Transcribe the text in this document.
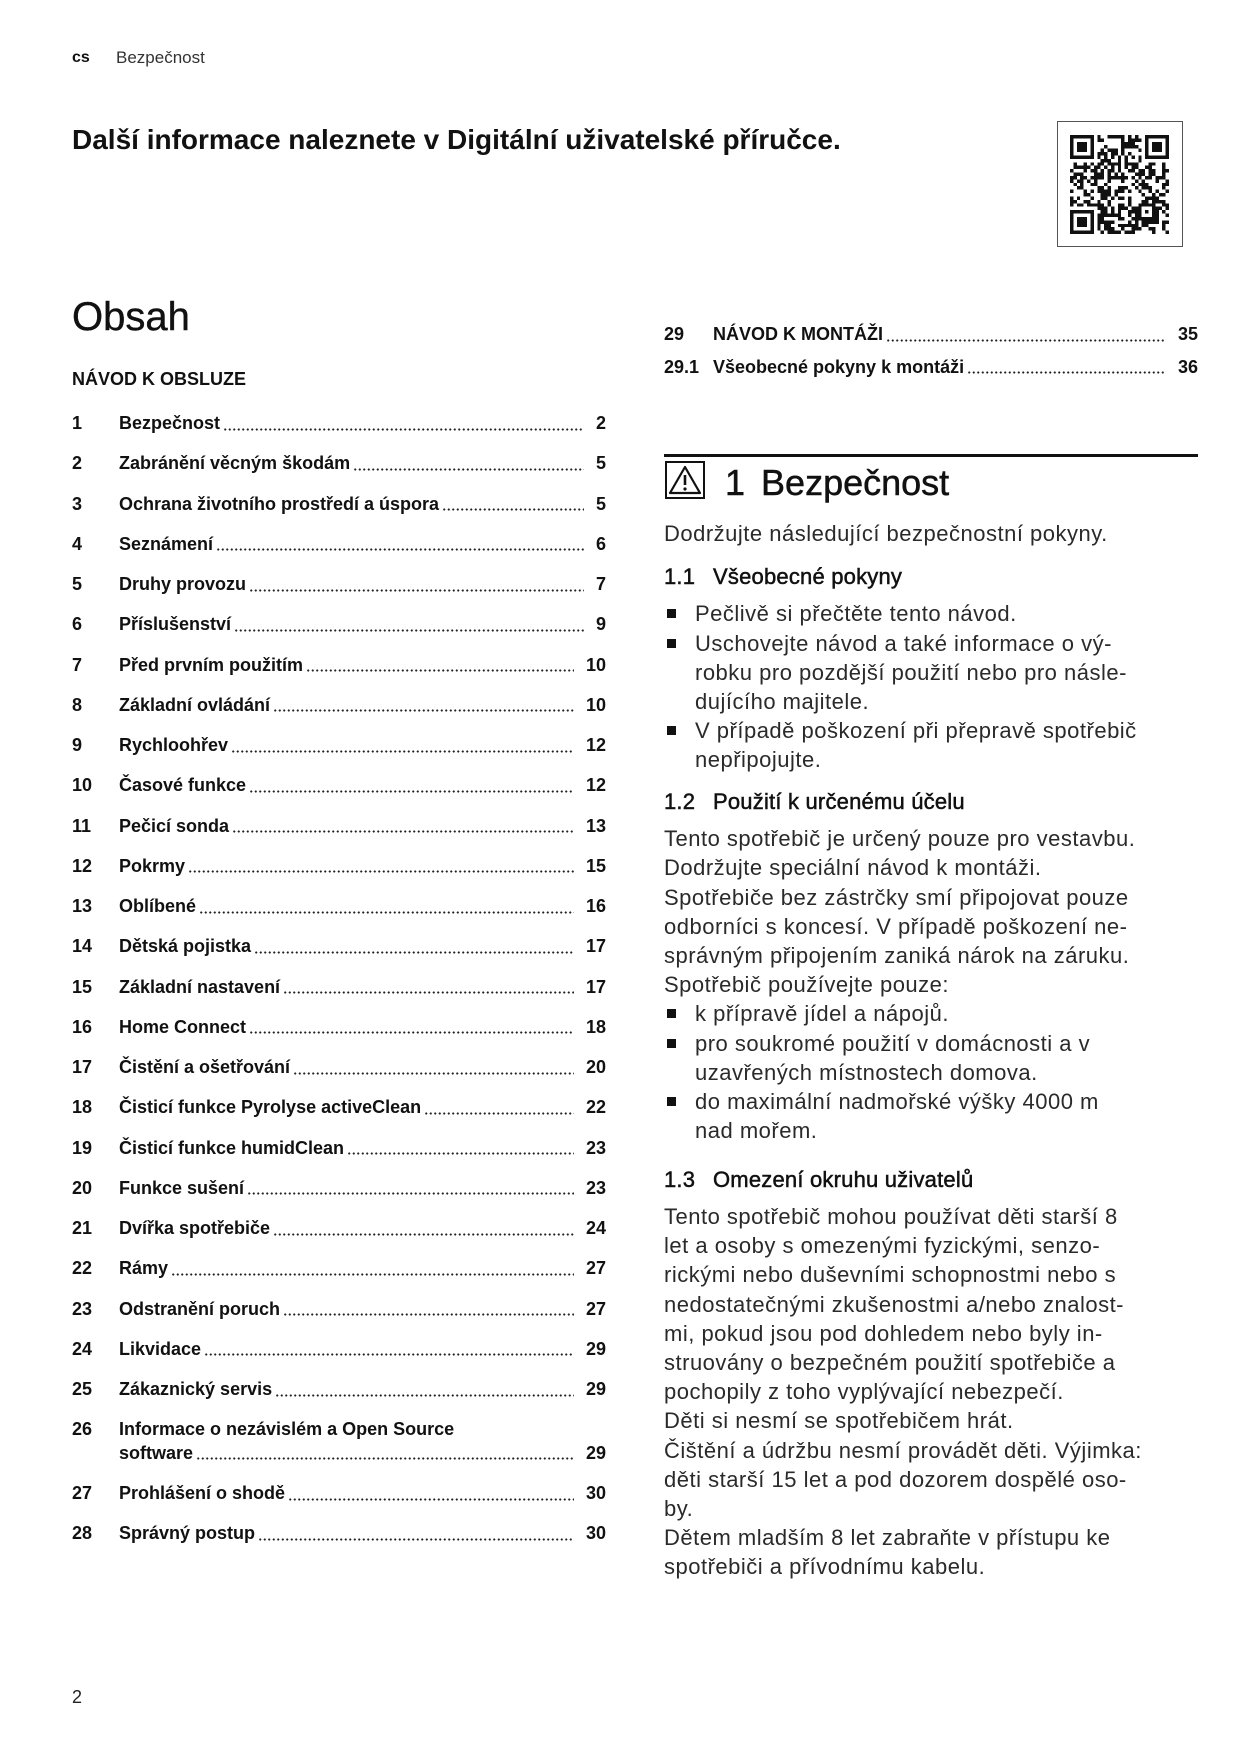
cs Bezpečnost
Další informace naleznete v Digitální uživatelské příručce.
Obsah
NÁVOD K OBSLUZE
1	Bezpečnost	2
2	Zabránění věcným škodám	5
3	Ochrana životního prostředí a úspora	5
4	Seznámení	6
5	Druhy provozu	7
6	Příslušenství	9
7	Před prvním použitím	10
8	Základní ovládání	10
9	Rychloohřev	12
10	Časové funkce	12
11	Pečicí sonda	13
12	Pokrmy	15
13	Oblíbené	16
14	Dětská pojistka	17
15	Základní nastavení	17
16	Home Connect	18
17	Čistění a ošetřování	20
18	Čisticí funkce Pyrolyse activeClean	22
19	Čisticí funkce humidClean	23
20	Funkce sušení	23
21	Dvířka spotřebiče	24
22	Rámy	27
23	Odstranění poruch	27
24	Likvidace	29
25	Zákaznický servis	29
26	Informace o nezávislém a Open Source
software	29
27	Prohlášení o shodě	30
28	Správný postup	30
29	NÁVOD K MONTÁŽI	35
29.1 Všeobecné pokyny k montáži	36
1 Bezpečnost
Dodržujte následující bezpečnostní pokyny.
1.1 Všeobecné pokyny
Pečlivě si přečtěte tento návod.
Uschovejte návod a také informace o vý-
robku pro pozdější použití nebo pro násle-
dujícího majitele.
V případě poškození při přepravě spotřebič
nepřipojujte.
1.2 Použití k určenému účelu
Tento spotřebič je určený pouze pro vestavbu.
Dodržujte speciální návod k montáži.
Spotřebiče bez zástrčky smí připojovat pouze
odborníci s koncesí. V případě poškození ne-
správným připojením zaniká nárok na záruku.
Spotřebič používejte pouze:
k přípravě jídel a nápojů.
pro soukromé použití v domácnosti a v
uzavřených místnostech domova.
do maximální nadmořské výšky 4000 m
nad mořem.
1.3 Omezení okruhu uživatelů
Tento spotřebič mohou používat děti starší 8
let a osoby s omezenými fyzickými, senzo-
rickými nebo duševními schopnostmi nebo s
nedostatečnými zkušenostmi a/nebo znalost-
mi, pokud jsou pod dohledem nebo byly in-
struovány o bezpečném použití spotřebiče a
pochopily z toho vyplývající nebezpečí.
Děti si nesmí se spotřebičem hrát.
Čištění a údržbu nesmí provádět děti. Výjimka:
děti starší 15 let a pod dozorem dospělé oso-
by.
Dětem mladším 8 let zabraňte v přístupu ke
spotřebiči a přívodnímu kabelu.
2
